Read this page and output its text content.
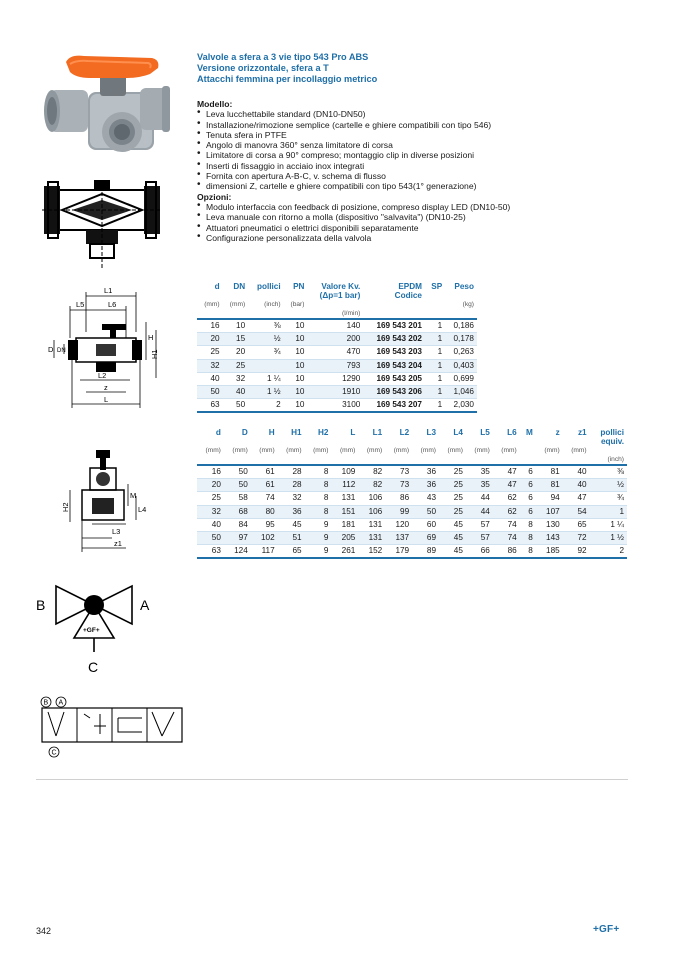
L1
L5	L6
H
H1
D DN
L2
z
L
H2
M
L4
L3
z1
B	A
C
+GF+
B A
C
Valvole a sfera a 3 vie tipo 543 Pro ABS
Versione orizzontale, sfera a T
Attacchi femmina per incollaggio metrico
Modello:
• Leva lucchettabile standard (DN10-DN50)
• Installazione/rimozione semplice (cartelle e ghiere compatibili con tipo 546)
• Tenuta sfera in PTFE
• Angolo di manovra 360° senza limitatore di corsa
• Limitatore di corsa a 90° compreso; montaggio clip in diverse posizioni
• Inserti di fissaggio in acciaio inox integrati
• Fornita con apertura A-B-C, v. schema di flusso
• dimensioni Z, cartelle e ghiere compatibili con tipo 543(1° generazione)
Opzioni:
• Modulo interfaccia con feedback di posizione, compreso display LED (DN10-50)
• Leva manuale con ritorno a molla (dispositivo "salvavita") (DN10-25)
• Attuatori pneumatici o elettrici disponibili separatamente
• Configurazione personalizzata della valvola
d	DN	pollici	PN	Valore Kv.	EPDM	SP	Peso
				(Δp=1 bar)	Codice		
(mm)	(mm)	(inch)	(bar)				(kg)
				(l/min)			
16	10	⅜	10	140	169 543 201	1	0,186
20	15	½	10	200	169 543 202	1	0,178
25	20	¾	10	470	169 543 203	1	0,263
32	25		10	793	169 543 204	1	0,403
40	32	1 ¼	10	1290	169 543 205	1	0,699
50	40	1 ½	10	1910	169 543 206	1	1,046
63	50	2	10	3100	169 543 207	1	2,030
d	D	H	H1	H2	L	L1	L2	L3	L4	L5	L6	M	z	z1	pollici
															equiv.
(mm)	(mm)	(mm)	(mm)	(mm)	(mm)	(mm)	(mm)	(mm)	(mm)	(mm)	(mm)		(mm)	(mm)	
															(inch)
16	50	61	28	8	109	82	73	36	25	35	47	6	81	40	⅜
20	50	61	28	8	112	82	73	36	25	35	47	6	81	40	½
25	58	74	32	8	131	106	86	43	25	44	62	6	94	47	¾
32	68	80	36	8	151	106	99	50	25	44	62	6	107	54	1
40	84	95	45	9	181	131	120	60	45	57	74	8	130	65	1 ¼
50	97	102	51	9	205	131	137	69	45	57	74	8	143	72	1 ½
63	124	117	65	9	261	152	179	89	45	66	86	8	185	92	2
342	+GF+
